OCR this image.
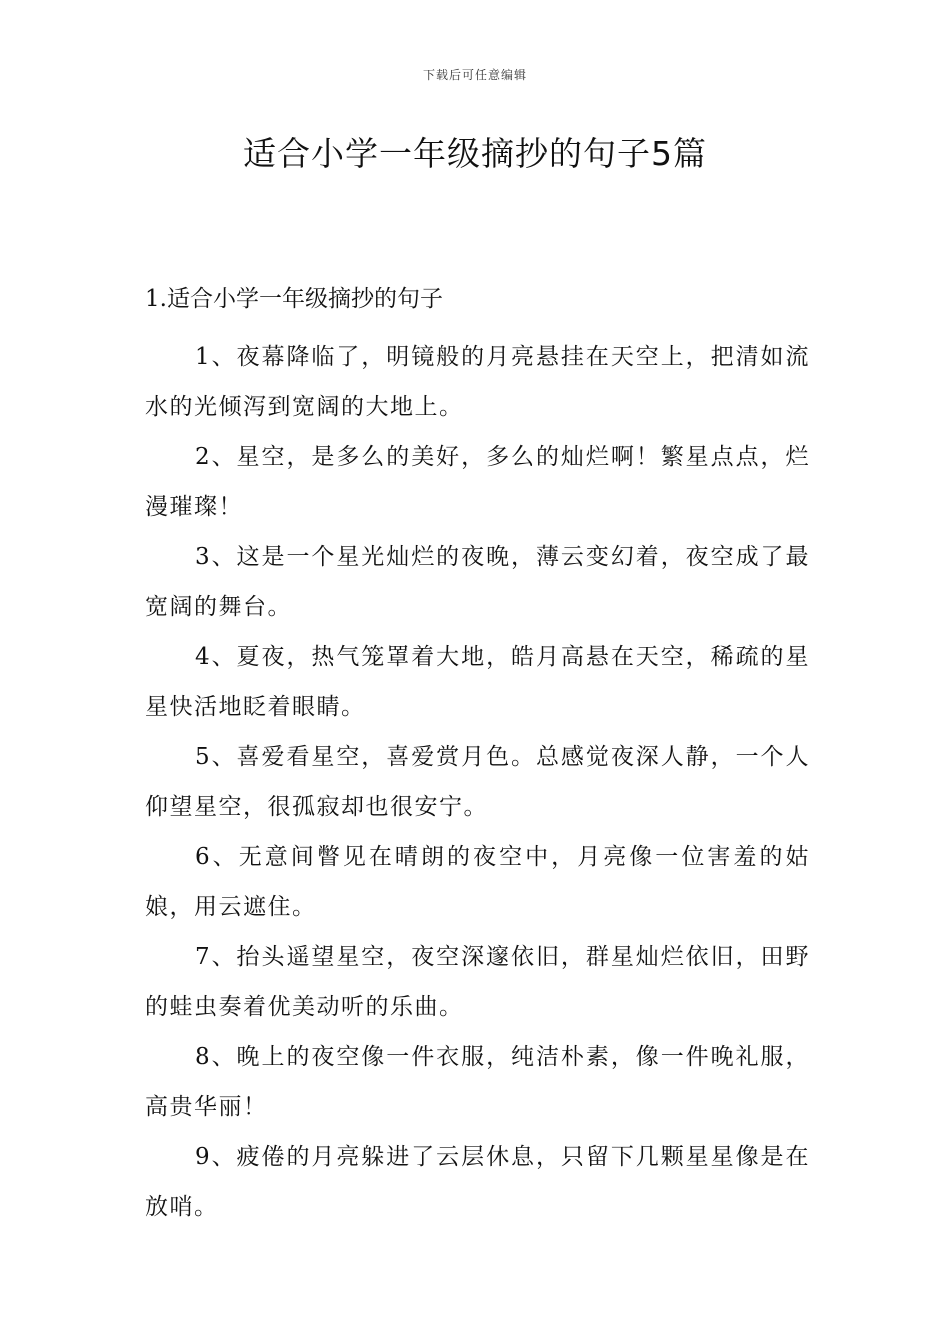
下载后可任意编辑
适合小学一年级摘抄的句子5篇

1.适合小学一年级摘抄的句子

1、夜幕降临了，明镜般的月亮悬挂在天空上，把清如流水的光倾泻到宽阔的大地上。

2、星空，是多么的美好，多么的灿烂啊！繁星点点，烂漫璀璨！

3、这是一个星光灿烂的夜晚，薄云变幻着，夜空成了最宽阔的舞台。

4、夏夜，热气笼罩着大地，皓月高悬在天空，稀疏的星星快活地眨着眼睛。

5、喜爱看星空，喜爱赏月色。总感觉夜深人静，一个人仰望星空，很孤寂却也很安宁。

6、无意间瞥见在晴朗的夜空中，月亮像一位害羞的姑娘，用云遮住。

7、抬头遥望星空，夜空深邃依旧，群星灿烂依旧，田野的蛙虫奏着优美动听的乐曲。

8、晚上的夜空像一件衣服，纯洁朴素，像一件晚礼服，高贵华丽！

9、疲倦的月亮躲进了云层休息，只留下几颗星星像是在放哨。
